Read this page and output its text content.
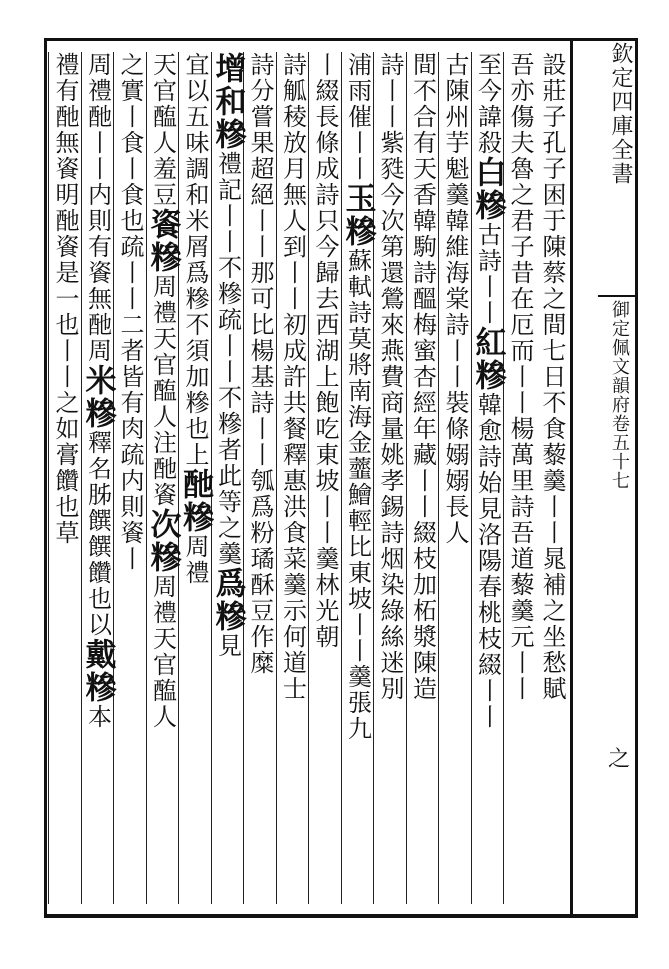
欽定四庫全書
御定佩文韻府卷五十七
之
設莊子孔子困于陳蔡之間七日不食藜羹丨丨晁補之坐愁賦
吾亦傷夫魯之君子昔在厄而丨丨楊萬里詩吾道藜羹元丨丨
至今諱殺
白糝
古詩丨丨
紅糝
韓愈詩始見洛陽春桃枝綴丨丨
古陳州
芋魁羹
韓維海棠詩丨丨裝條嫋嫋長人
間不合有天香韓駒詩醞梅蜜杏經年藏丨丨綴枝加柘漿陳造
詩丨丨紫甤今次第還鶯來燕費商量姚孝錫詩烟染綠絲迷別
浦雨催丨丨
玉糝
蘇軾詩莫將南海金虀鱠輕比東坡丨丨羹張九
丨綴長條
成詩只今歸去西湖上飽吃東坡丨丨羹林光朝
詩觚稜放月無人到丨丨初成許共餐釋惠洪食菜羹示何道士
詩分嘗果超絕丨丨那可比楊基詩丨丨瓠爲粉璚酥豆作糜
增和糝
禮記丨丨不糝疏丨丨不糝者此等之羹
爲糝
見
宜以五味調和米屑爲糝不須加糝也
上
酏糝
周禮
天官醢人羞豆
餈糝
周禮天官醢人注酏餈
次糝
周禮天官醢人
之實丨食丨食也疏丨丨二者皆有肉
疏内則餈丨
周禮酏丨丨内則有餈無酏周
米糝
釋名胏饌饌饡也以
戴糝
本
禮有酏無餈明酏餈是一也
丨丨之如膏饡也
草
